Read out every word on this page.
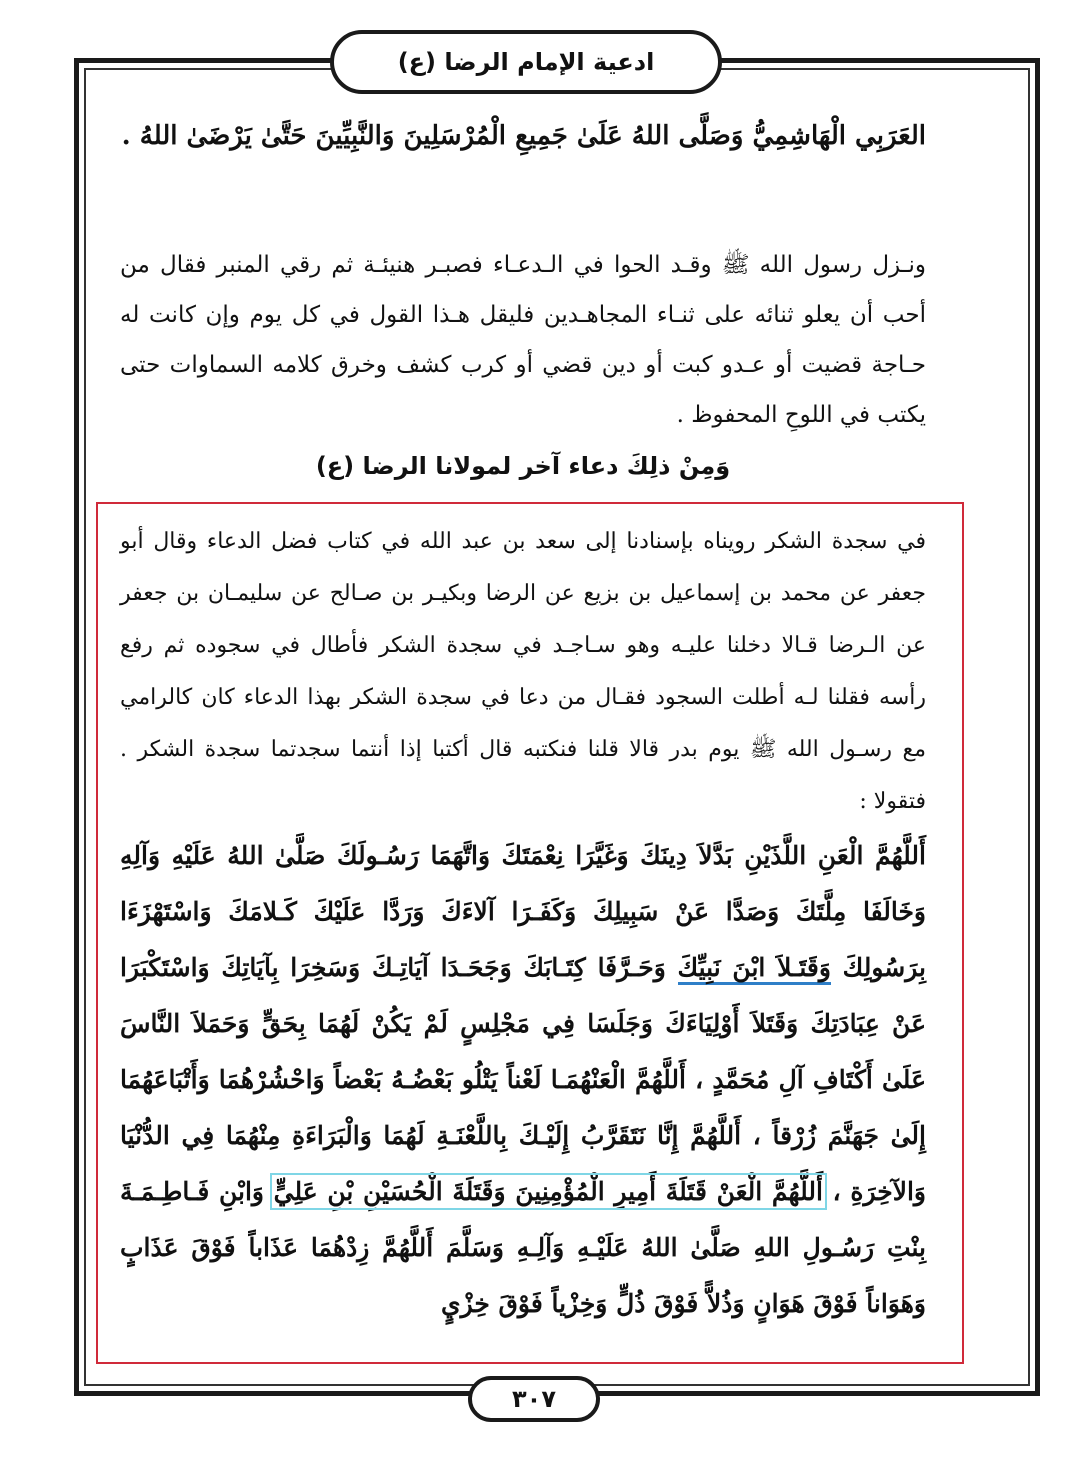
ادعية الإمام الرضا (ع)
العَرَبِي الْهَاشِمِيُّ وَصَلَّى اللهُ عَلَىٰ جَمِيعِ الْمُرْسَلِينَ وَالنَّبِيِّينَ حَتَّىٰ يَرْضَىٰ اللهُ .
ونـزل رسول الله ﷺ وقـد الحوا في الـدعـاء فصبـر هنيئـة ثم رقي المنبر فقال من أحب أن يعلو ثنائه على ثنـاء المجاهـدين فليقل هـذا القول في كل يوم وإن كانت له حـاجة قضيت أو عـدو كبت أو دين قضي أو كرب كشف وخرق كلامه السماوات حتى يكتب في اللوحِ المحفوظ .
وَمِنْ ذلِكَ دعاء آخر لمولانا الرضا (ع)
في سجدة الشكر رويناه بإسنادنا إلى سعد بن عبد الله في كتاب فضل الدعاء وقال أبو جعفر عن محمد بن إسماعيل بن بزيع عن الرضا وبكيـر بن صـالح عن سليمـان بن جعفر عن الـرضا قـالا دخلنا عليـه وهو سـاجـد في سجدة الشكر فأطال في سجوده ثم رفع رأسه فقلنا لـه أطلت السجود فقـال من دعا في سجدة الشكر بهذا الدعاء كان كالرامي مع رسـول الله ﷺ يوم بدر قالا قلنا فنكتبه قال أكتبا إذا أنتما سجدتما سجدة الشكر . فتقولا :
أَللَّهُمَّ الْعَنِ اللَّذَيْنِ بَدَّلاَ دِينَكَ وَغَيَّرَا نِعْمَتَكَ وَاتَّهَمَا رَسُـولَكَ صَلَّىٰ اللهُ عَلَيْهِ وَآلِهِ وَخَالَفَا مِلَّتَكَ وَصَدَّا عَنْ سَبِيلِكَ وَكَفَـرَا آلاءَكَ وَرَدَّا عَلَيْكَ كَـلامَكَ وَاسْتَهْزَءَا بِرَسُولِكَ وَقَتَـلاَ ابْنَ نَبِيِّكَ وَحَـرَّفَا كِتَـابَكَ وَجَحَـدَا آيَاتِـكَ وَسَخِرَا بِآيَاتِكَ وَاسْتَكْبَرَا عَنْ عِبَادَتِكَ وَقَتَلاَ أَوْلِيَاءَكَ وَجَلَسَا فِي مَجْلِسٍ لَمْ يَكُنْ لَهُمَا بِحَقٍّ وَحَمَلاَ النَّاسَ عَلَىٰ أَكْتَافِ آلِ مُحَمَّدٍ ، أَللَّهُمَّ الْعَنْهُمَـا لَعْناً يَتْلُو بَعْضُـهُ بَعْضاً وَاحْشُرْهُمَا وَأَتْبَاعَهُمَا إِلَىٰ جَهَنَّمَ زُرْقاً ، أَللَّهُمَّ إِنَّا نَتَقَرَّبُ إِلَيْـكَ بِاللَّعْنَـةِ لَهُمَا وَالْبَرَاءَةِ مِنْهُمَا فِي الدُّنْيَا وَالآخِرَةِ ، أَللَّهُمَّ الْعَنْ قَتَلَةَ أَمِيرِ الْمُؤْمِنِينَ وَقَتَلَةَ الْحُسَيْنِ بْنِ عَلِيٍّ وَابْنِ فَـاطِـمَـةَ بِنْتِ رَسُـولِ اللهِ صَلَّىٰ اللهُ عَلَيْـهِ وَآلِـهِ وَسَلَّمَ أَللَّهُمَّ زِدْهُمَا عَذَاباً فَوْقَ عَذَابٍ وَهَوَاناً فَوْقَ هَوَانٍ وَذُلاًّ فَوْقَ ذُلٍّ وَخِزْياً فَوْقَ خِزْيٍ
٣٠٧
